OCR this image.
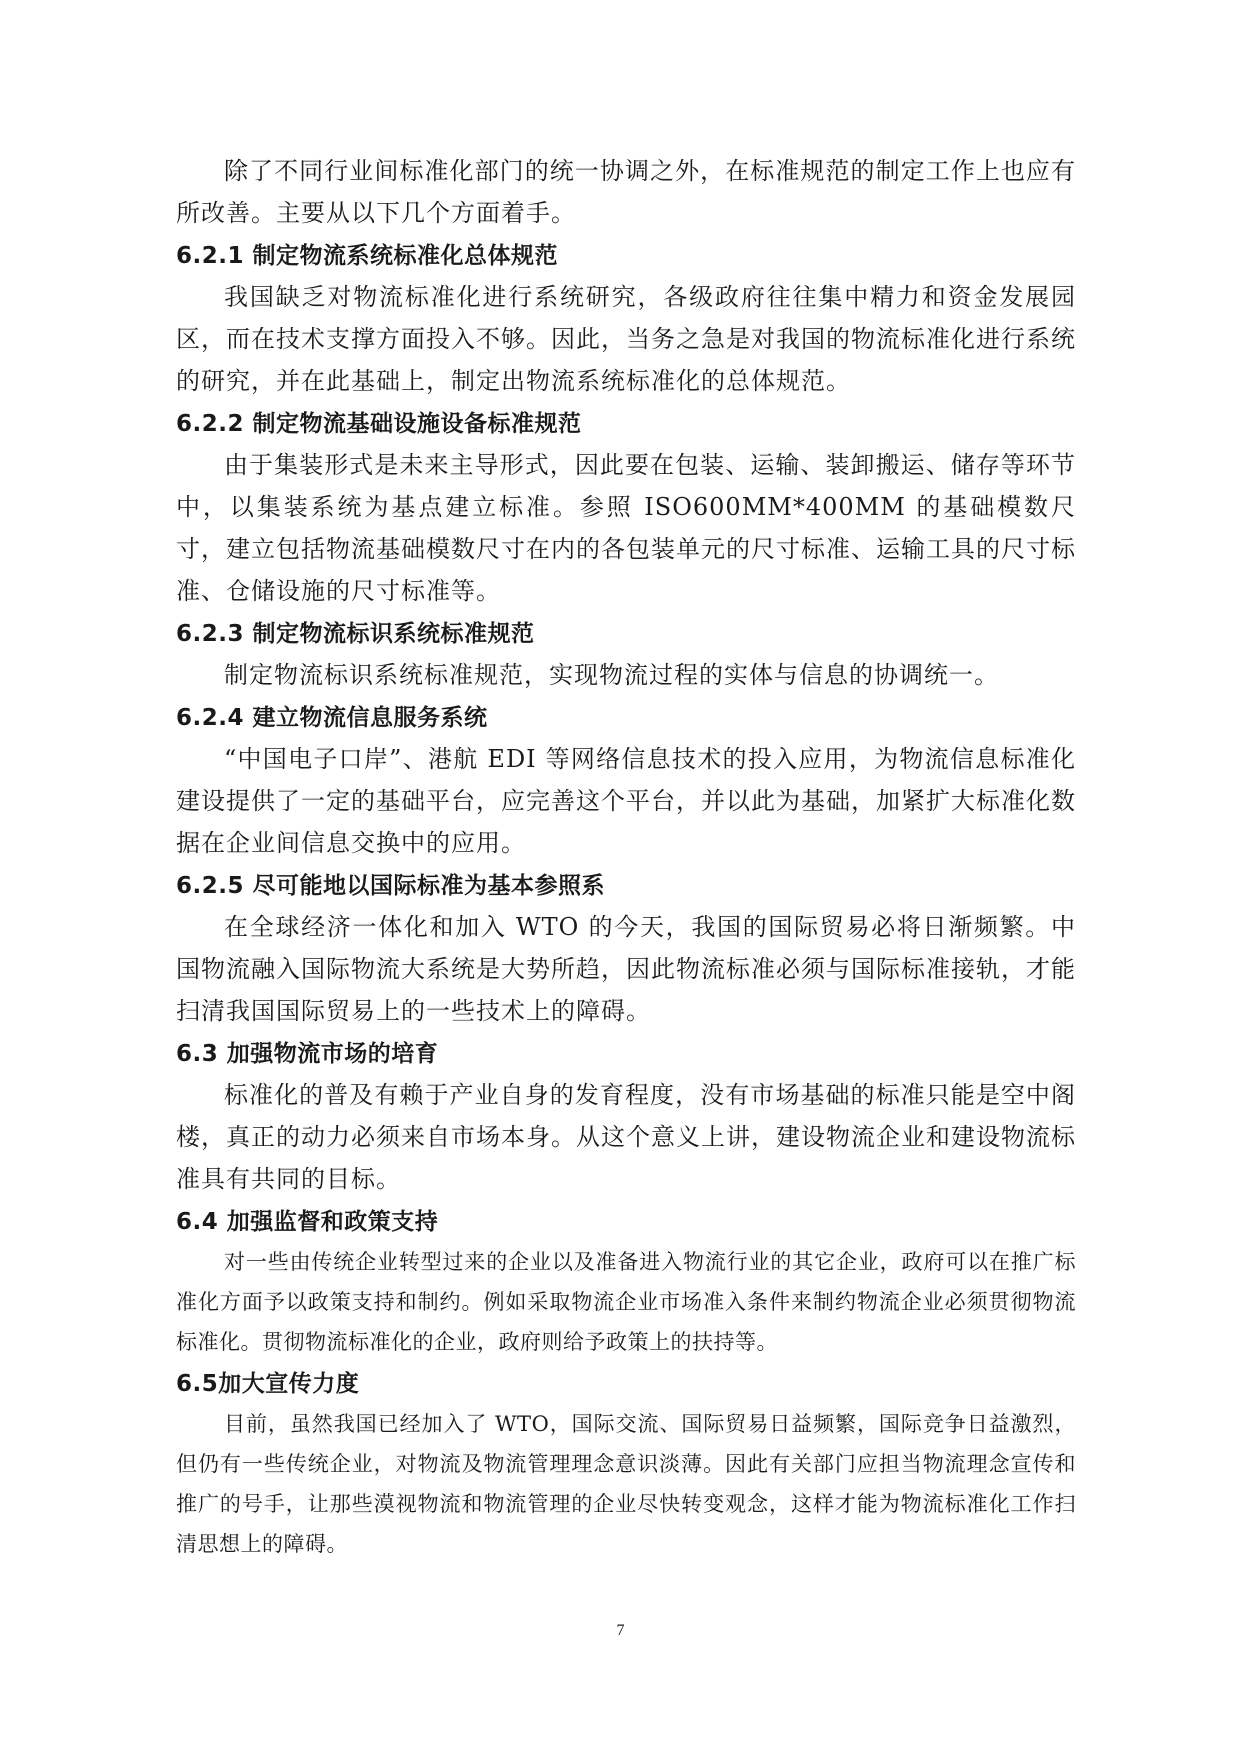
除了不同行业间标准化部门的统一协调之外，在标准规范的制定工作上也应有所改善。主要从以下几个方面着手。

6.2.1 制定物流系统标准化总体规范

我国缺乏对物流标准化进行系统研究，各级政府往往集中精力和资金发展园区，而在技术支撑方面投入不够。因此，当务之急是对我国的物流标准化进行系统的研究，并在此基础上，制定出物流系统标准化的总体规范。

6.2.2 制定物流基础设施设备标准规范

由于集装形式是未来主导形式，因此要在包装、运输、装卸搬运、储存等环节中，以集装系统为基点建立标准。参照 ISO600MM*400MM 的基础模数尺寸，建立包括物流基础模数尺寸在内的各包装单元的尺寸标准、运输工具的尺寸标准、仓储设施的尺寸标准等。

6.2.3 制定物流标识系统标准规范

制定物流标识系统标准规范，实现物流过程的实体与信息的协调统一。

6.2.4 建立物流信息服务系统

“中国电子口岸”、港航 EDI 等网络信息技术的投入应用，为物流信息标准化建设提供了一定的基础平台，应完善这个平台，并以此为基础，加紧扩大标准化数据在企业间信息交换中的应用。

6.2.5 尽可能地以国际标准为基本参照系

在全球经济一体化和加入 WTO 的今天，我国的国际贸易必将日渐频繁。中国物流融入国际物流大系统是大势所趋，因此物流标准必须与国际标准接轨，才能扫清我国国际贸易上的一些技术上的障碍。

6.3 加强物流市场的培育

标准化的普及有赖于产业自身的发育程度，没有市场基础的标准只能是空中阁楼，真正的动力必须来自市场本身。从这个意义上讲，建设物流企业和建设物流标准具有共同的目标。

6.4 加强监督和政策支持

对一些由传统企业转型过来的企业以及准备进入物流行业的其它企业，政府可以在推广标准化方面予以政策支持和制约。例如采取物流企业市场准入条件来制约物流企业必须贯彻物流标准化。贯彻物流标准化的企业，政府则给予政策上的扶持等。

6.5加大宣传力度

目前，虽然我国已经加入了 WTO，国际交流、国际贸易日益频繁，国际竞争日益激烈，但仍有一些传统企业，对物流及物流管理理念意识淡薄。因此有关部门应担当物流理念宣传和推广的号手，让那些漠视物流和物流管理的企业尽快转变观念，这样才能为物流标准化工作扫清思想上的障碍。

7
